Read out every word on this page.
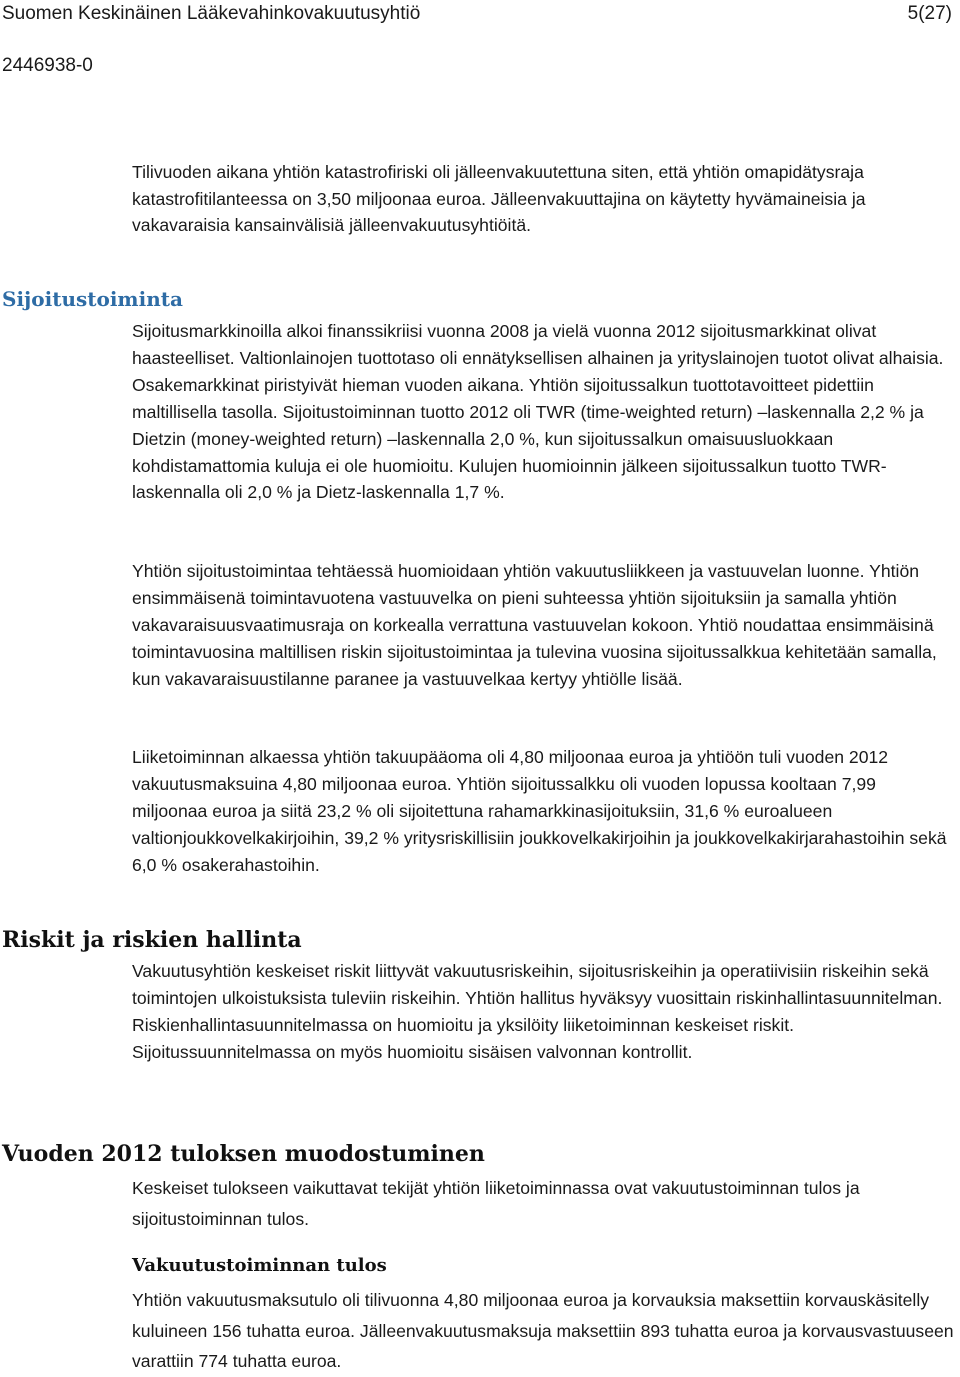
Suomen Keskinäinen Lääkevahinkovakuutusyhtiö	5(27)
2446938-0

Tilivuoden aikana yhtiön katastrofiriski oli jälleenvakuutettuna siten, että yhtiön omapidätysraja katastrofitilanteessa on 3,50 miljoonaa euroa. Jälleenvakuuttajina on käytetty hyvämaineisia ja vakavaraisia kansainvälisiä jälleenvakuutusyhtiöitä.

Sijoitustoiminta

Sijoitusmarkkinoilla alkoi finanssikriisi vuonna 2008 ja vielä vuonna 2012 sijoitusmarkkinat olivat haasteelliset. Valtionlainojen tuottotaso oli ennätyksellisen alhainen ja yrityslainojen tuotot olivat alhaisia. Osakemarkkinat piristyivät hieman vuoden aikana. Yhtiön sijoitussalkun tuottotavoitteet pidettiin maltillisella tasolla. Sijoitustoiminnan tuotto 2012 oli TWR (time-weighted return) –laskennalla 2,2 % ja Dietzin (money-weighted return) –laskennalla 2,0 %, kun sijoitussalkun omaisuusluokkaan kohdistamattomia kuluja ei ole huomioitu. Kulujen huomioinnin jälkeen sijoitussalkun tuotto TWR-laskennalla oli 2,0 % ja Dietz-laskennalla 1,7 %.

Yhtiön sijoitustoimintaa tehtäessä huomioidaan yhtiön vakuutusliikkeen ja vastuuvelan luonne. Yhtiön ensimmäisenä toimintavuotena vastuuvelka on pieni suhteessa yhtiön sijoituksiin ja samalla yhtiön vakavaraisuusvaatimusraja on korkealla verrattuna vastuuvelan kokoon. Yhtiö noudattaa ensimmäisinä toimintavuosina maltillisen riskin sijoitustoimintaa ja tulevina vuosina sijoitussalkkua kehitetään samalla, kun vakavaraisuustilanne paranee ja vastuuvelkaa kertyy yhtiölle lisää.

Liiketoiminnan alkaessa yhtiön takuupääoma oli 4,80 miljoonaa euroa ja yhtiöön tuli vuoden 2012 vakuutusmaksuina 4,80 miljoonaa euroa. Yhtiön sijoitussalkku oli vuoden lopussa kooltaan 7,99 miljoonaa euroa ja siitä 23,2 % oli sijoitettuna rahamarkkinasijoituksiin, 31,6 % euroalueen valtionjoukkovelkakirjoihin, 39,2 % yritysriskillisiin joukkovelkakirjoihin ja joukkovelkakirjarahastoihin sekä 6,0 % osakerahastoihin.

Riskit ja riskien hallinta

Vakuutusyhtiön keskeiset riskit liittyvät vakuutusriskeihin, sijoitusriskeihin ja operatiivisiin riskeihin sekä toimintojen ulkoistuksista tuleviin riskeihin. Yhtiön hallitus hyväksyy vuosittain riskinhallintasuunnitelman. Riskienhallintasuunnitelmassa on huomioitu ja yksilöity liiketoiminnan keskeiset riskit. Sijoitussuunnitelmassa on myös huomioitu sisäisen valvonnan kontrollit.

Vuoden 2012 tuloksen muodostuminen

Keskeiset tulokseen vaikuttavat tekijät yhtiön liiketoiminnassa ovat vakuutustoiminnan tulos ja sijoitustoiminnan tulos.

Vakuutustoiminnan tulos

Yhtiön vakuutusmaksutulo oli tilivuonna 4,80 miljoonaa euroa ja korvauksia maksettiin korvauskäsitelly kuluineen 156 tuhatta euroa. Jälleenvakuutusmaksuja maksettiin 893 tuhatta euroa ja korvausvastuuseen varattiin 774 tuhatta euroa.
